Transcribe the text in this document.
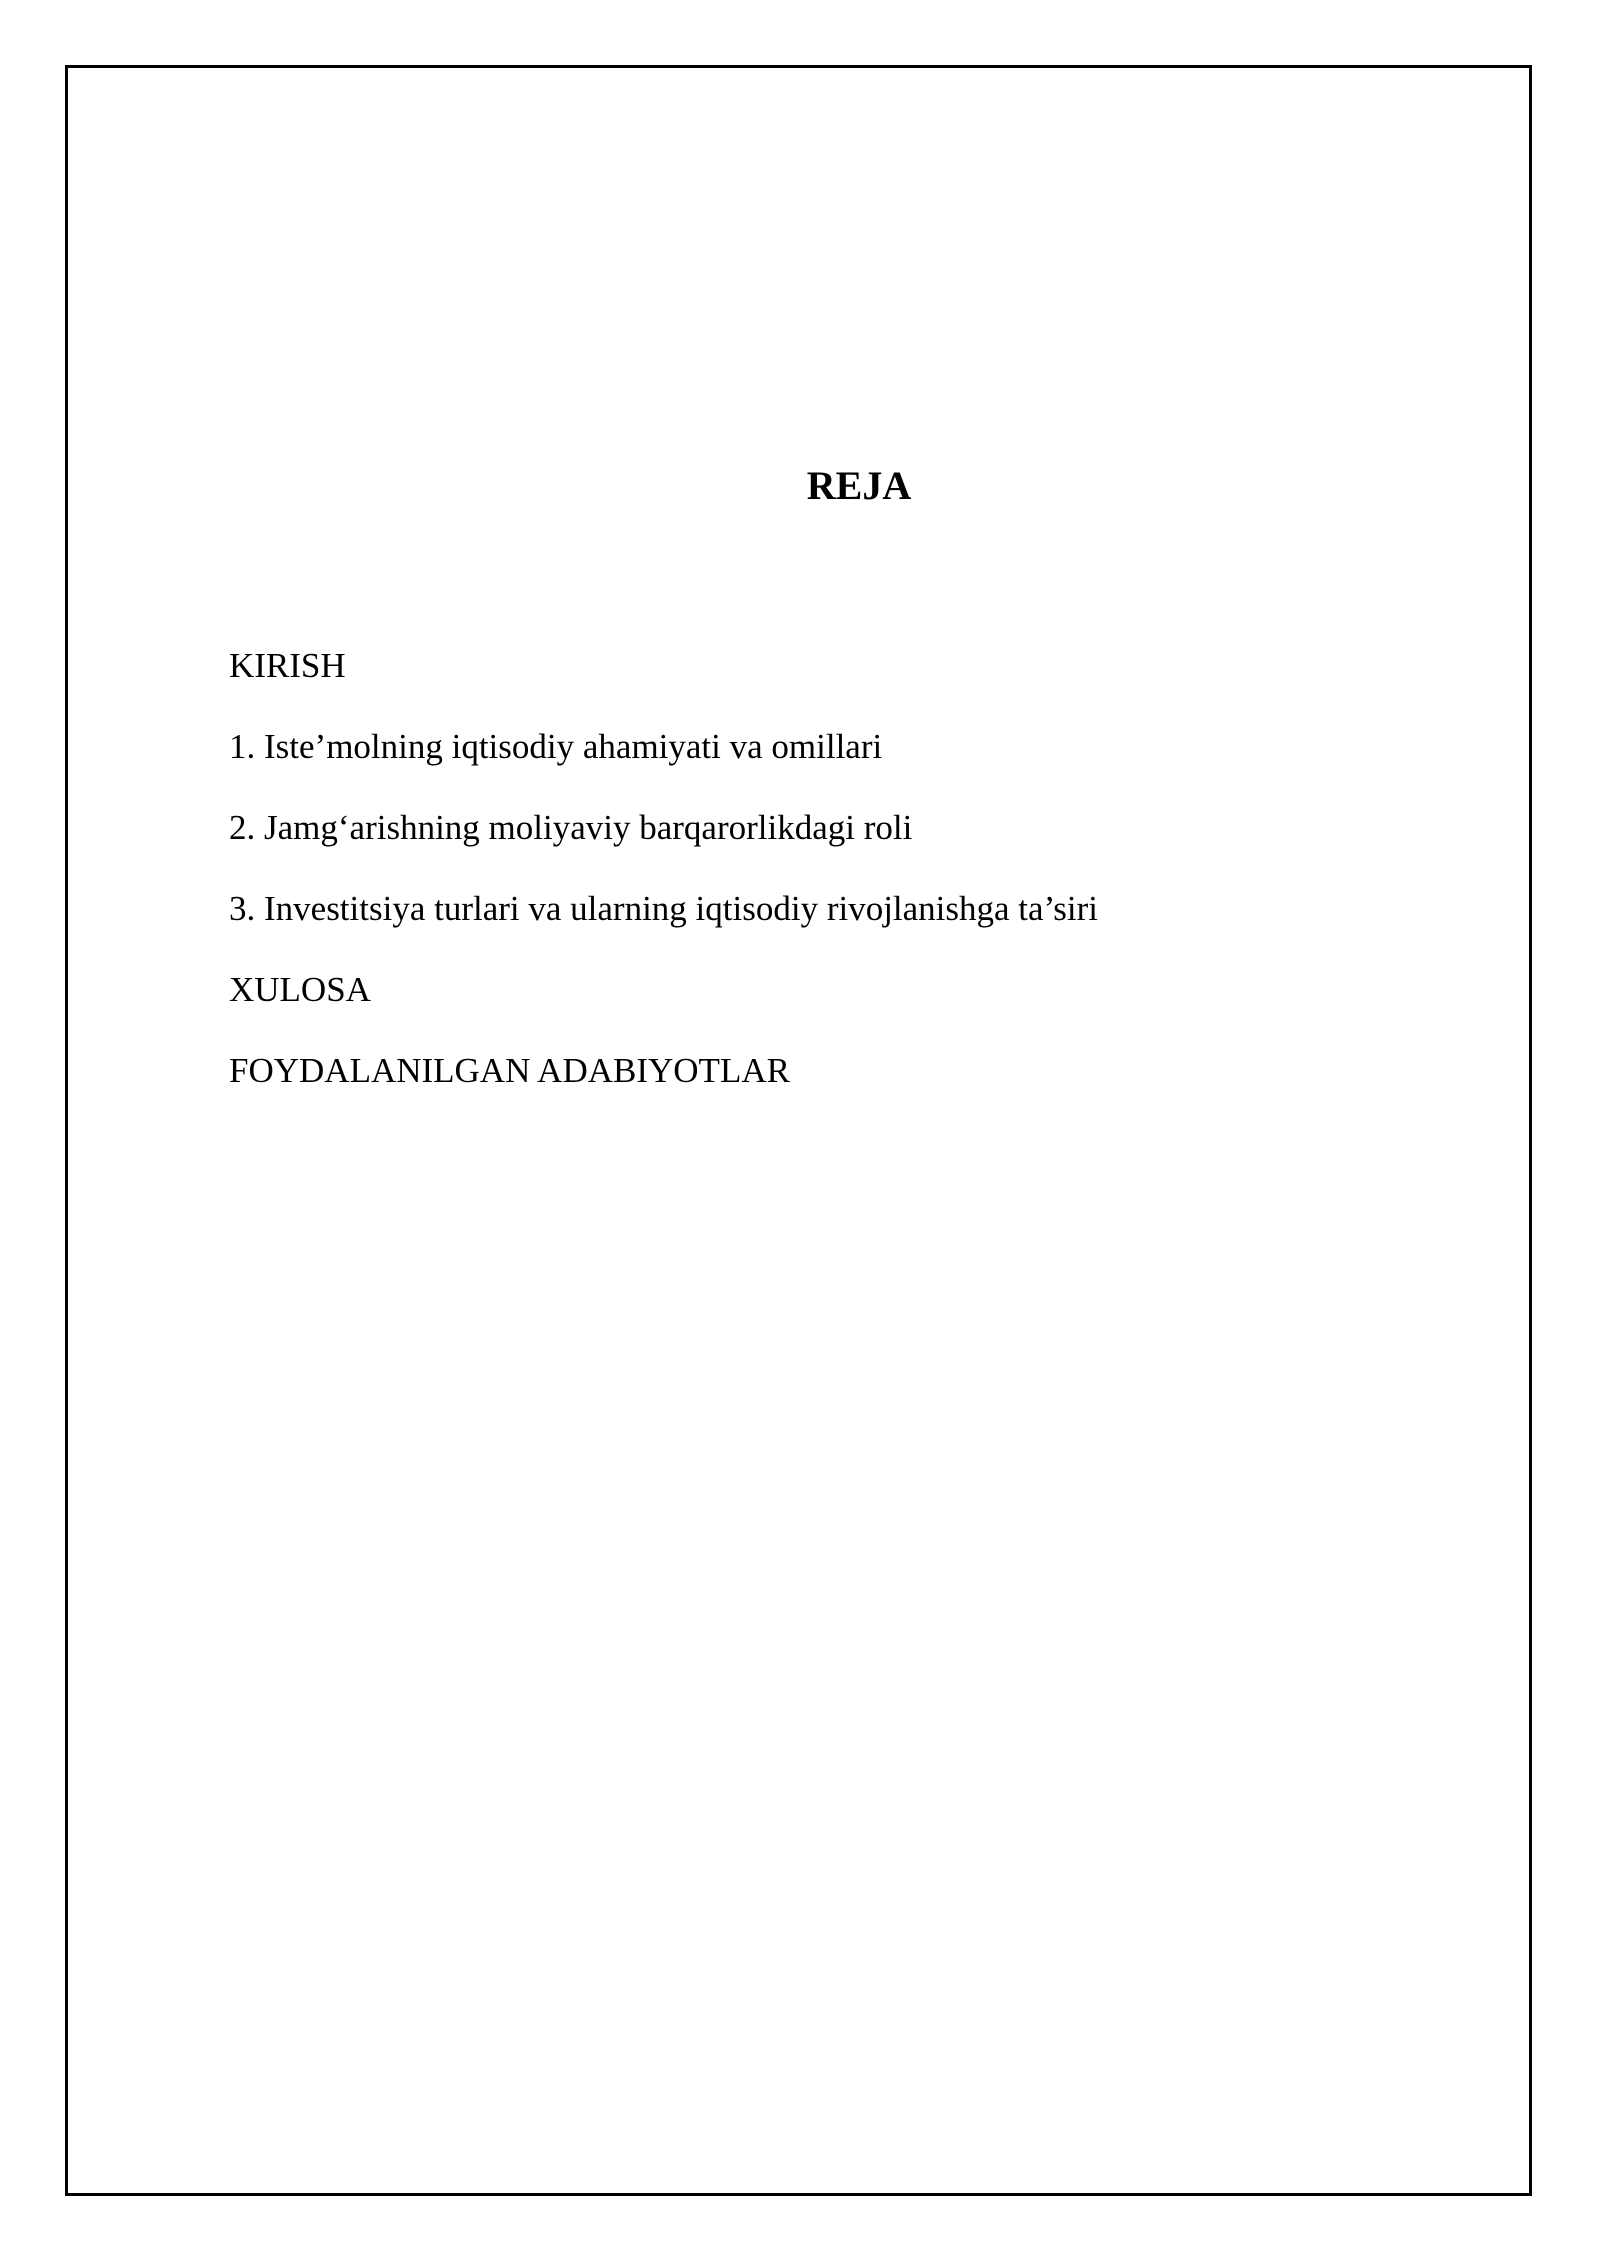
REJA
KIRISH
1. Iste’molning iqtisodiy ahamiyati va omillari
2. Jamg‘arishning moliyaviy barqarorlikdagi roli
3. Investitsiya turlari va ularning iqtisodiy rivojlanishga ta’siri
XULOSA
FOYDALANILGAN ADABIYOTLAR
